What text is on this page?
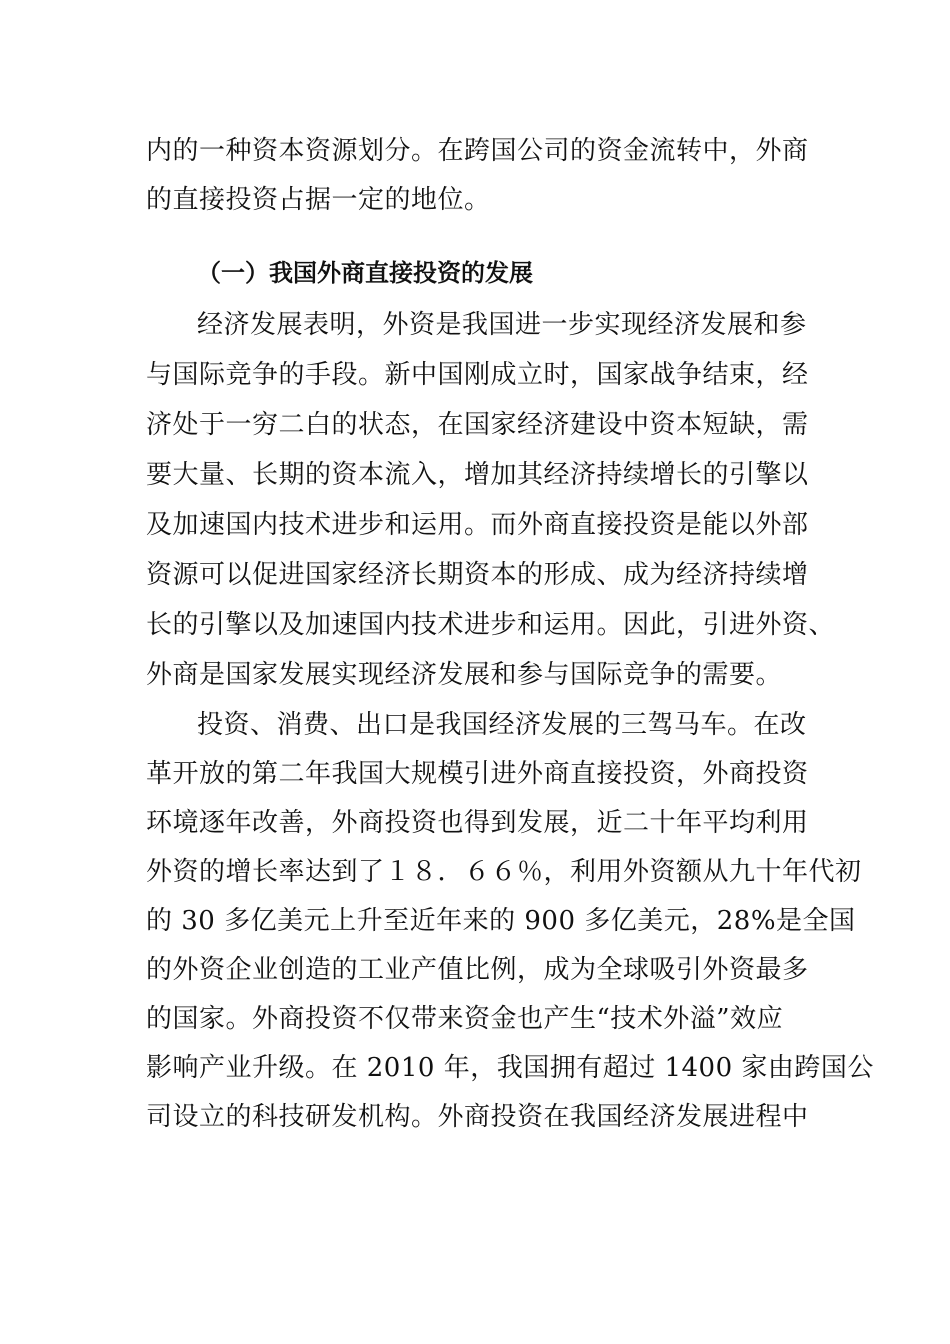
内的一种资本资源划分。在跨国公司的资金流转中，外商
的直接投资占据一定的地位。
（一）我国外商直接投资的发展
经济发展表明，外资是我国进一步实现经济发展和参
与国际竞争的手段。新中国刚成立时，国家战争结束，经
济处于一穷二白的状态，在国家经济建设中资本短缺，需
要大量、长期的资本流入，增加其经济持续增长的引擎以
及加速国内技术进步和运用。而外商直接投资是能以外部
资源可以促进国家经济长期资本的形成、成为经济持续增
长的引擎以及加速国内技术进步和运用。因此，引进外资、
外商是国家发展实现经济发展和参与国际竞争的需要。
投资、消费、出口是我国经济发展的三驾马车。在改
革开放的第二年我国大规模引进外商直接投资，外商投资
环境逐年改善，外商投资也得到发展，近二十年平均利用
外资的增长率达到了１８．６６％，利用外资额从九十年代初
的 30 多亿美元上升至近年来的 900 多亿美元，28%是全国
的外资企业创造的工业产值比例，成为全球吸引外资最多
的国家。外商投资不仅带来资金也产生“技术外溢”效应
影响产业升级。在 2010 年，我国拥有超过 1400 家由跨国公
司设立的科技研发机构。外商投资在我国经济发展进程中
